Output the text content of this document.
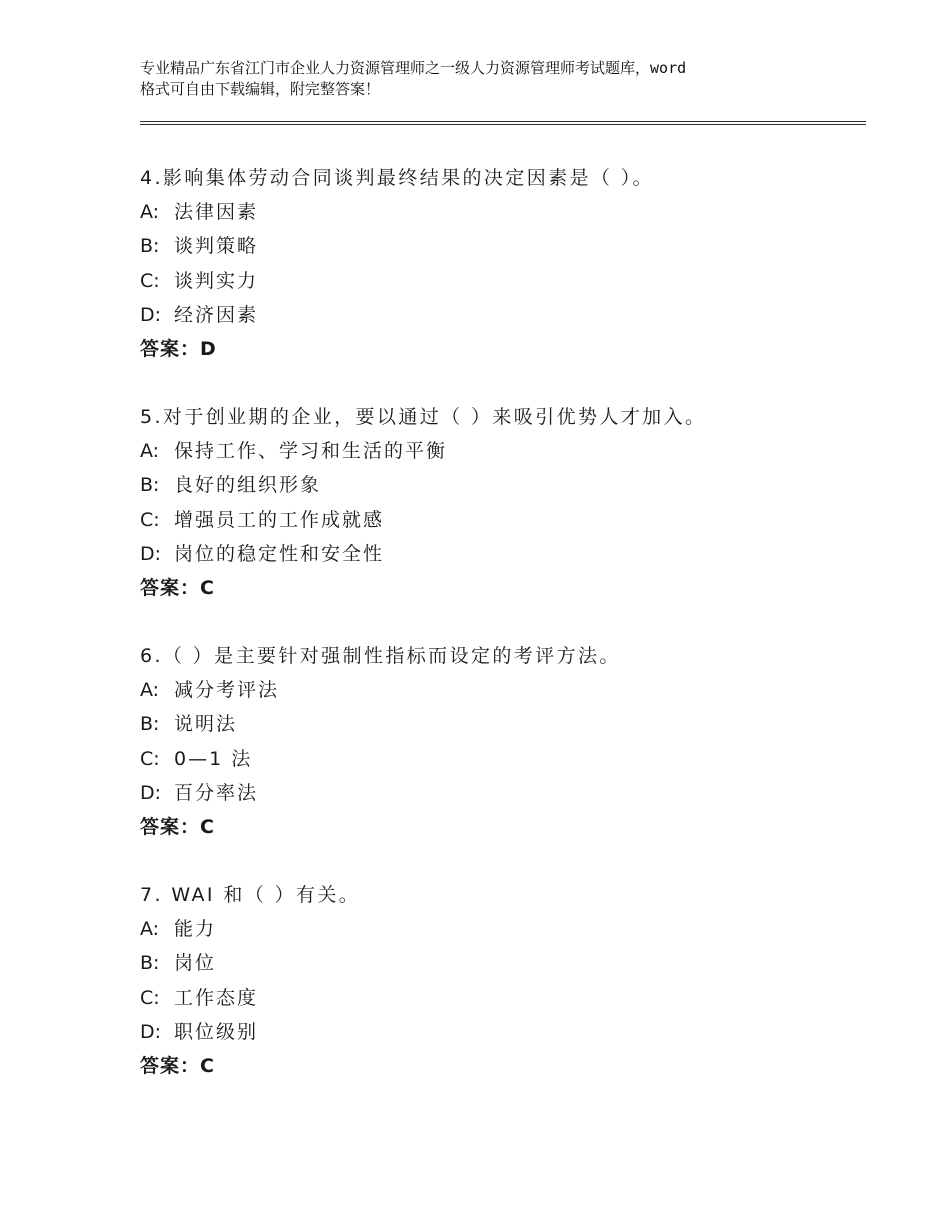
专业精品广东省江门市企业人力资源管理师之一级人力资源管理师考试题库，word
格式可自由下载编辑，附完整答案！
4.影响集体劳动合同谈判最终结果的决定因素是（ ）。
A: 法律因素
B: 谈判策略
C: 谈判实力
D: 经济因素
答案：D
5.对于创业期的企业，要以通过（ ）来吸引优势人才加入。
A: 保持工作、学习和生活的平衡
B: 良好的组织形象
C: 增强员工的工作成就感
D: 岗位的稳定性和安全性
答案：C
6.（ ）是主要针对强制性指标而设定的考评方法。
A: 减分考评法
B: 说明法
C: 0—1 法
D: 百分率法
答案：C
7. WAI 和（ ）有关。
A: 能力
B: 岗位
C: 工作态度
D: 职位级别
答案：C
